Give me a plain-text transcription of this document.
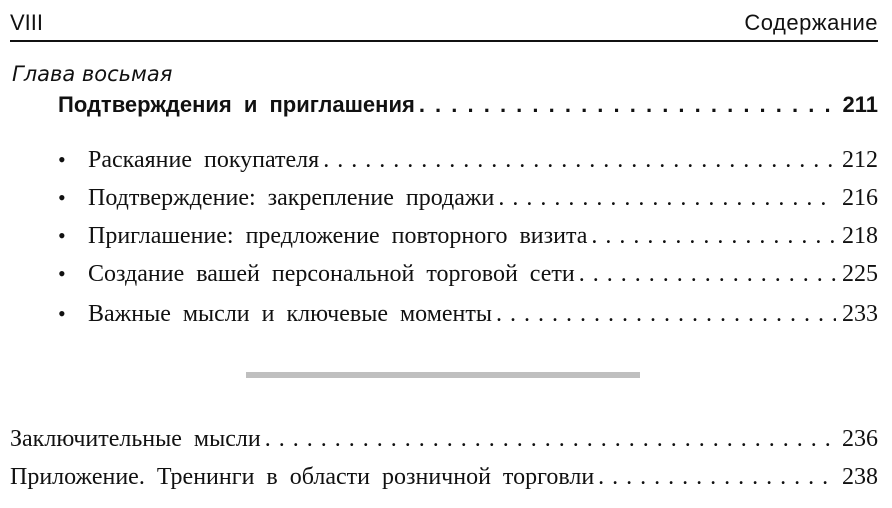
VIII	Содержание
Глава восьмая
Подтверждения и приглашения . . .	211
• Раскаяние покупателя . . .	212
• Подтверждение: закрепление продажи . . .	216
• Приглашение: предложение повторного визита . . .	218
• Создание вашей персональной торговой сети . . .	225
• Важные мысли и ключевые моменты . . .	233
Заключительные мысли . . .	236
Приложение. Тренинги в области розничной торговли . . .	238
